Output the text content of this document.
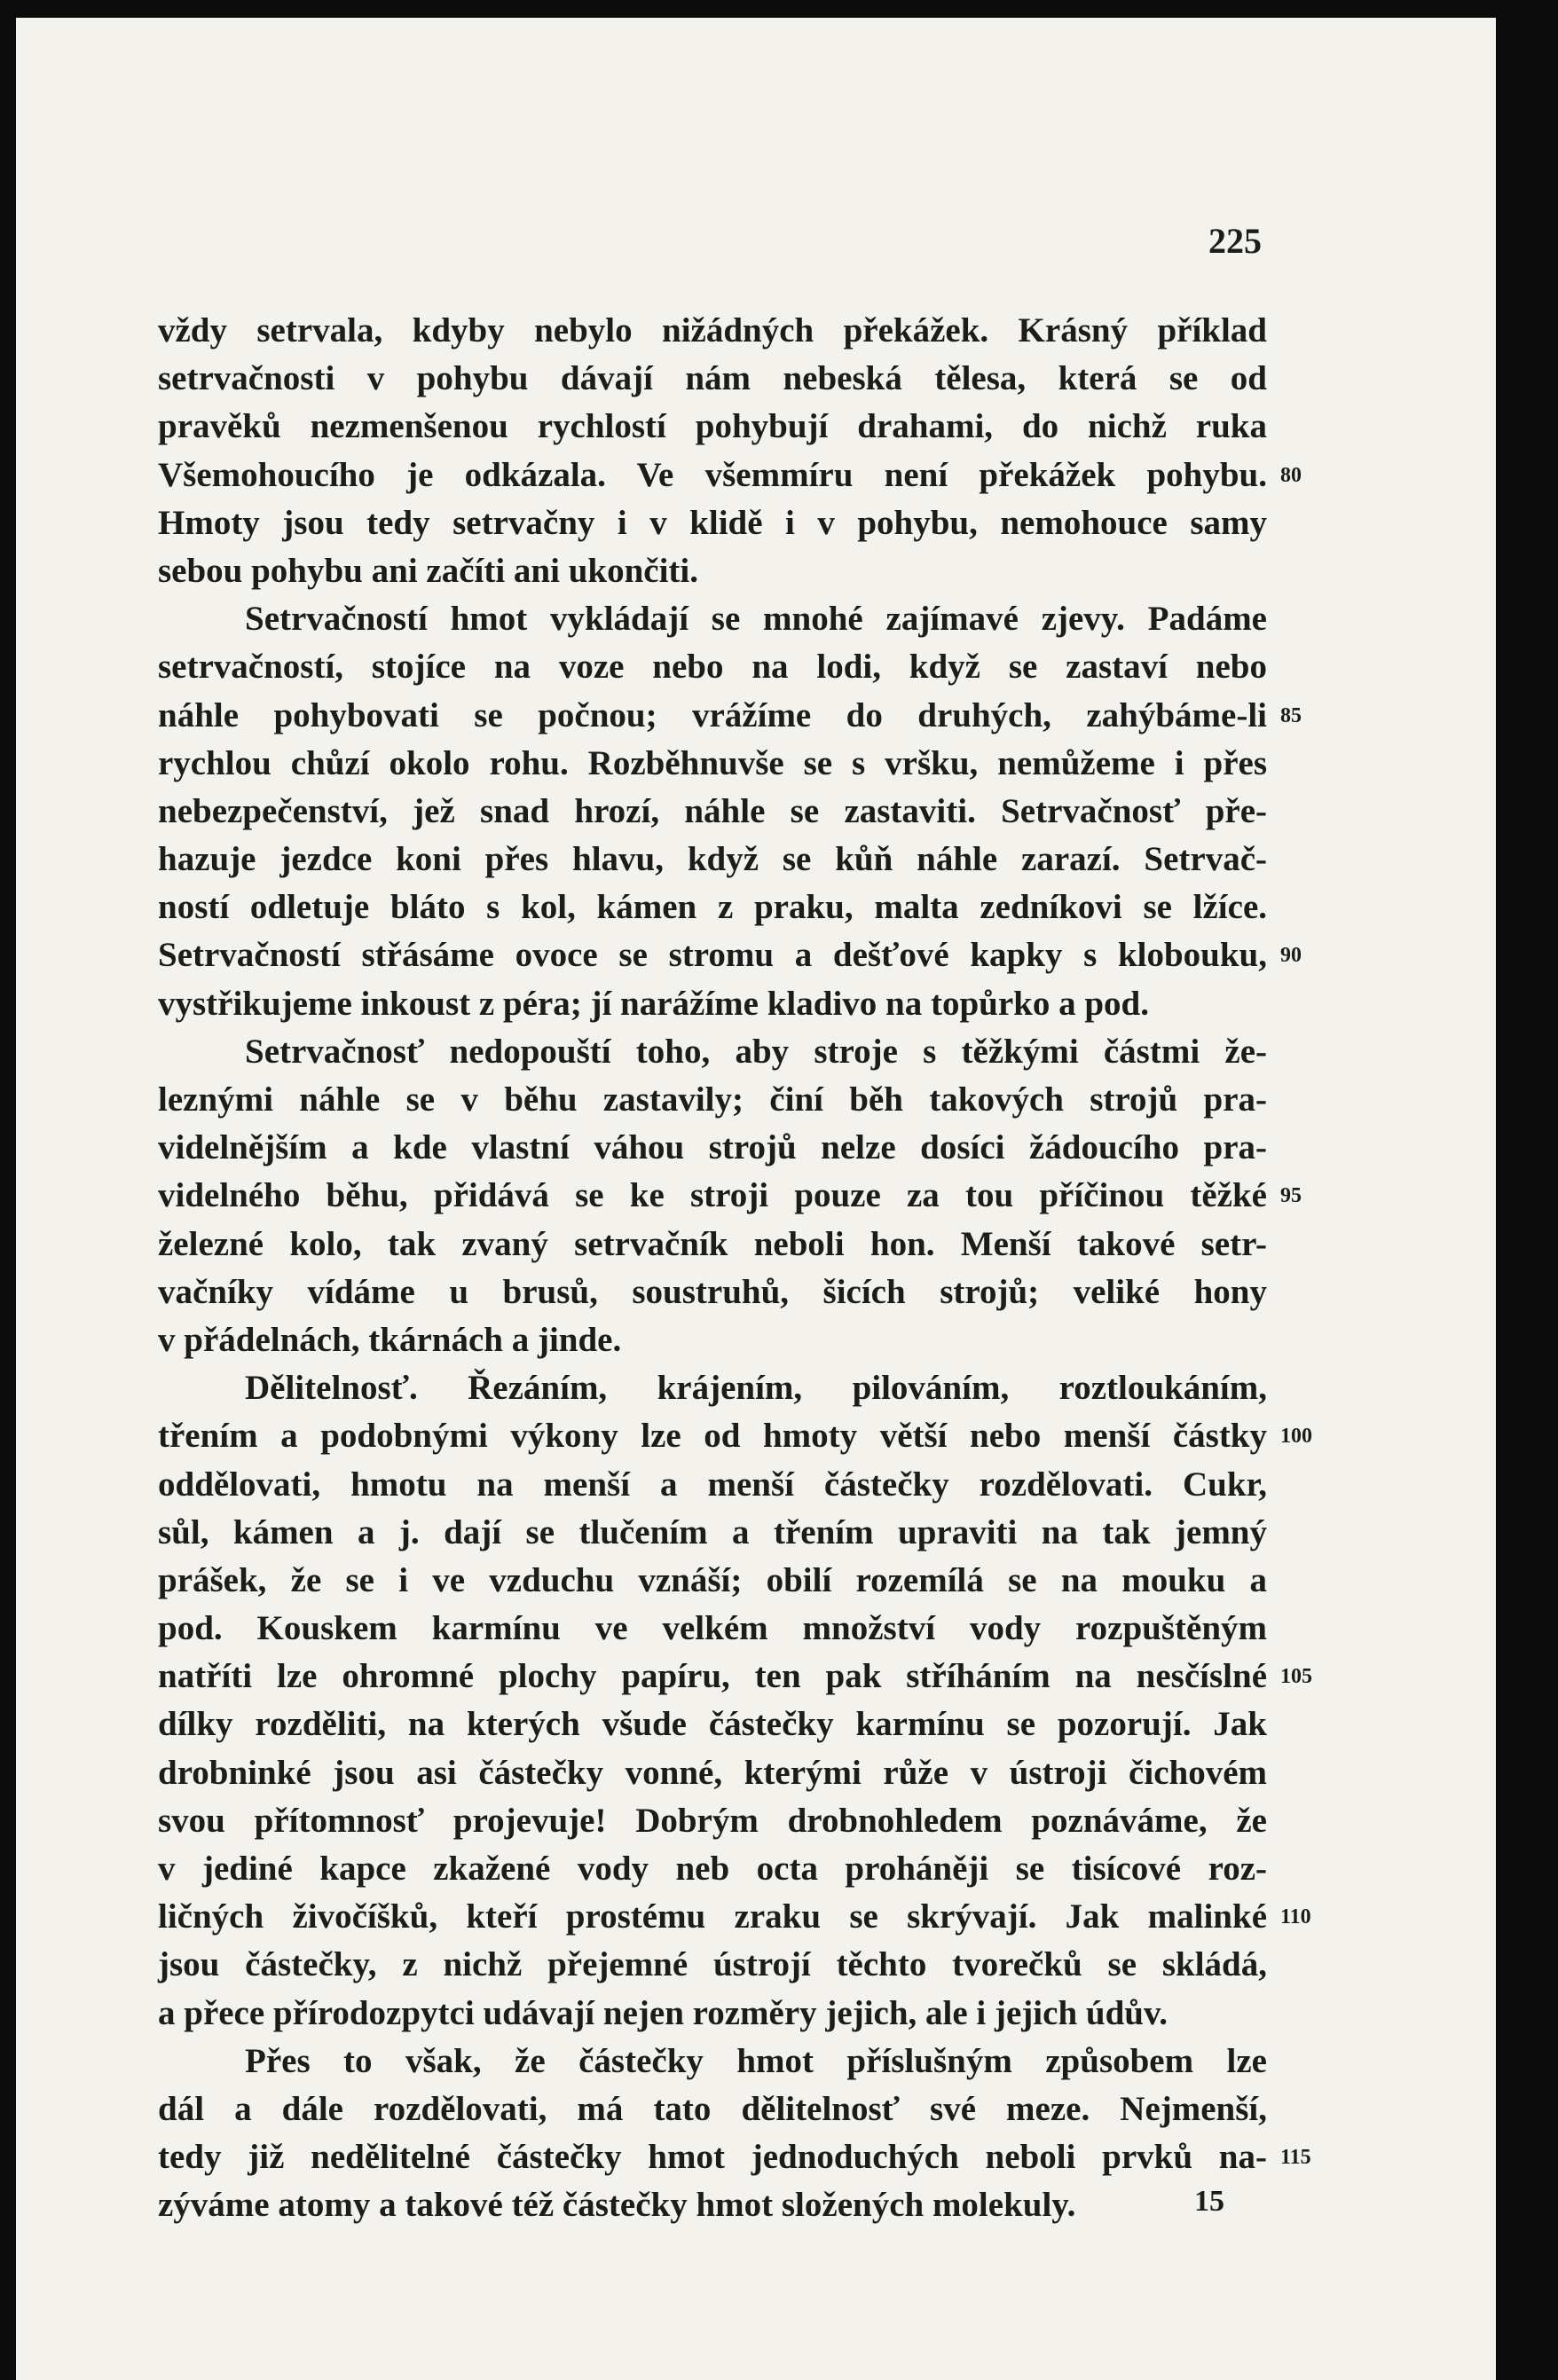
225
vždy setrvala, kdyby nebylo nižádných překážek. Krásný příklad
setrvačnosti v pohybu dávají nám nebeská tělesa, která se od
pravěků nezmenšenou rychlostí pohybují drahami, do nichž ruka
Všemohoucího je odkázala. Ve všemmíru není překážek pohybu. 80
Hmoty jsou tedy setrvačny i v klidě i v pohybu, nemohouce samy
sebou pohybu ani začíti ani ukončiti.
Setrvačností hmot vykládají se mnohé zajímavé zjevy. Padáme
setrvačností, stojíce na voze nebo na lodi, když se zastaví nebo
náhle pohybovati se počnou; vrážíme do druhých, zahýbáme-li 85
rychlou chůzí okolo rohu. Rozběhnuvše se s vršku, nemůžeme i přes
nebezpečenství, jež snad hrozí, náhle se zastaviti. Setrvačnosť pře-
hazuje jezdce koni přes hlavu, když se kůň náhle zarazí. Setrvač-
ností odletuje bláto s kol, kámen z praku, malta zedníkovi se lžíce.
Setrvačností střásáme ovoce se stromu a dešťové kapky s klobouku, 90
vystřikujeme inkoust z péra; jí narážíme kladivo na topůrko a pod.
Setrvačnosť nedopouští toho, aby stroje s těžkými částmi že-
leznými náhle se v běhu zastavily; činí běh takových strojů pra-
videlnějším a kde vlastní váhou strojů nelze dosíci žádoucího pra-
videlného běhu, přidává se ke stroji pouze za tou příčinou těžké 95
železné kolo, tak zvaný setrvačník neboli hon. Menší takové setr-
vačníky vídáme u brusů, soustruhů, šicích strojů; veliké hony
v přádelnách, tkárnách a jinde.
Dělitelnosť. Řezáním, krájením, pilováním, roztloukáním,
třením a podobnými výkony lze od hmoty větší nebo menší částky 100
oddělovati, hmotu na menší a menší částečky rozdělovati. Cukr,
sůl, kámen a j. dají se tlučením a třením upraviti na tak jemný
prášek, že se i ve vzduchu vznáší; obilí rozemílá se na mouku a
pod. Kouskem karmínu ve velkém množství vody rozpuštěným
natříti lze ohromné plochy papíru, ten pak stříháním na nesčíslné 105
dílky rozděliti, na kterých všude částečky karmínu se pozorují. Jak
drobninké jsou asi částečky vonné, kterými růže v ústroji čichovém
svou přítomnosť projevuje! Dobrým drobnohledem poznáváme, že
v jediné kapce zkažené vody neb octa proháněji se tisícové roz-
ličných živočíšků, kteří prostému zraku se skrývají. Jak malinké 110
jsou částečky, z nichž přejemné ústrojí těchto tvorečků se skládá,
a přece přírodozpytci udávají nejen rozměry jejich, ale i jejich údův.
Přes to však, že částečky hmot příslušným způsobem lze
dál a dále rozdělovati, má tato dělitelnosť své meze. Nejmenší,
tedy již nedělitelné částečky hmot jednoduchých neboli prvků na- 115
zýváme atomy a takové též částečky hmot složených molekuly.	15
